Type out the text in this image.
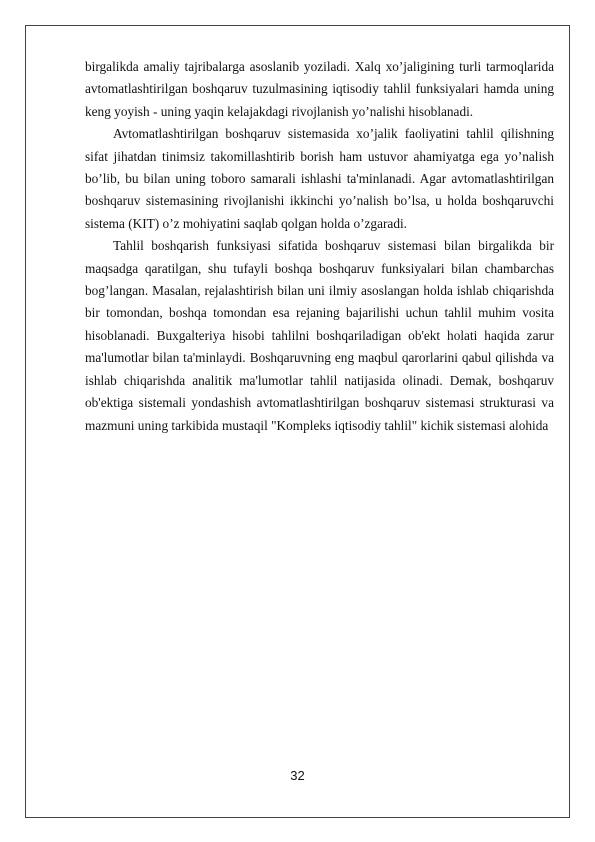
birgalikda amaliy tajribalarga asoslanib yoziladi. Xalq xo’jaligining turli tarmoqlarida avtomatlashtirilgan boshqaruv tuzulmasining iqtisodiy tahlil funksiyalari hamda uning keng yoyish - uning yaqin kelajakdagi rivojlanish yo’nalishi hisoblanadi.

Avtomatlashtirilgan boshqaruv sistemasida xo’jalik faoliyatini tahlil qilishning sifat jihatdan tinimsiz takomillashtirib borish ham ustuvor ahamiyatga ega yo’nalish bo’lib, bu bilan uning toboro samarali ishlashi ta'minlanadi. Agar avtomatlashtirilgan boshqaruv sistemasining rivojlanishi ikkinchi yo’nalish bo’lsa, u holda boshqaruvchi sistema (KIT) o’z mohiyatini saqlab qolgan holda o’zgaradi.

Tahlil boshqarish funksiyasi sifatida boshqaruv sistemasi bilan birgalikda bir maqsadga qaratilgan, shu tufayli boshqa boshqaruv funksiyalari bilan chambarchas bog’langan. Masalan, rejalashtirish bilan uni ilmiy asoslangan holda ishlab chiqarishda bir tomondan, boshqa tomondan esa rejaning bajarilishi uchun tahlil muhim vosita hisoblanadi. Buxgalteriya hisobi tahlilni boshqariladigan ob'ekt holati haqida zarur ma'lumotlar bilan ta'minlaydi. Boshqaruvning eng maqbul qarorlarini qabul qilishda va ishlab chiqarishda analitik ma'lumotlar tahlil natijasida olinadi. Demak, boshqaruv ob'ektiga sistemali yondashish avtomatlashtirilgan boshqaruv sistemasi strukturasi va mazmuni uning tarkibida mustaqil "Kompleks iqtisodiy tahlil" kichik sistemasi alohida

32
